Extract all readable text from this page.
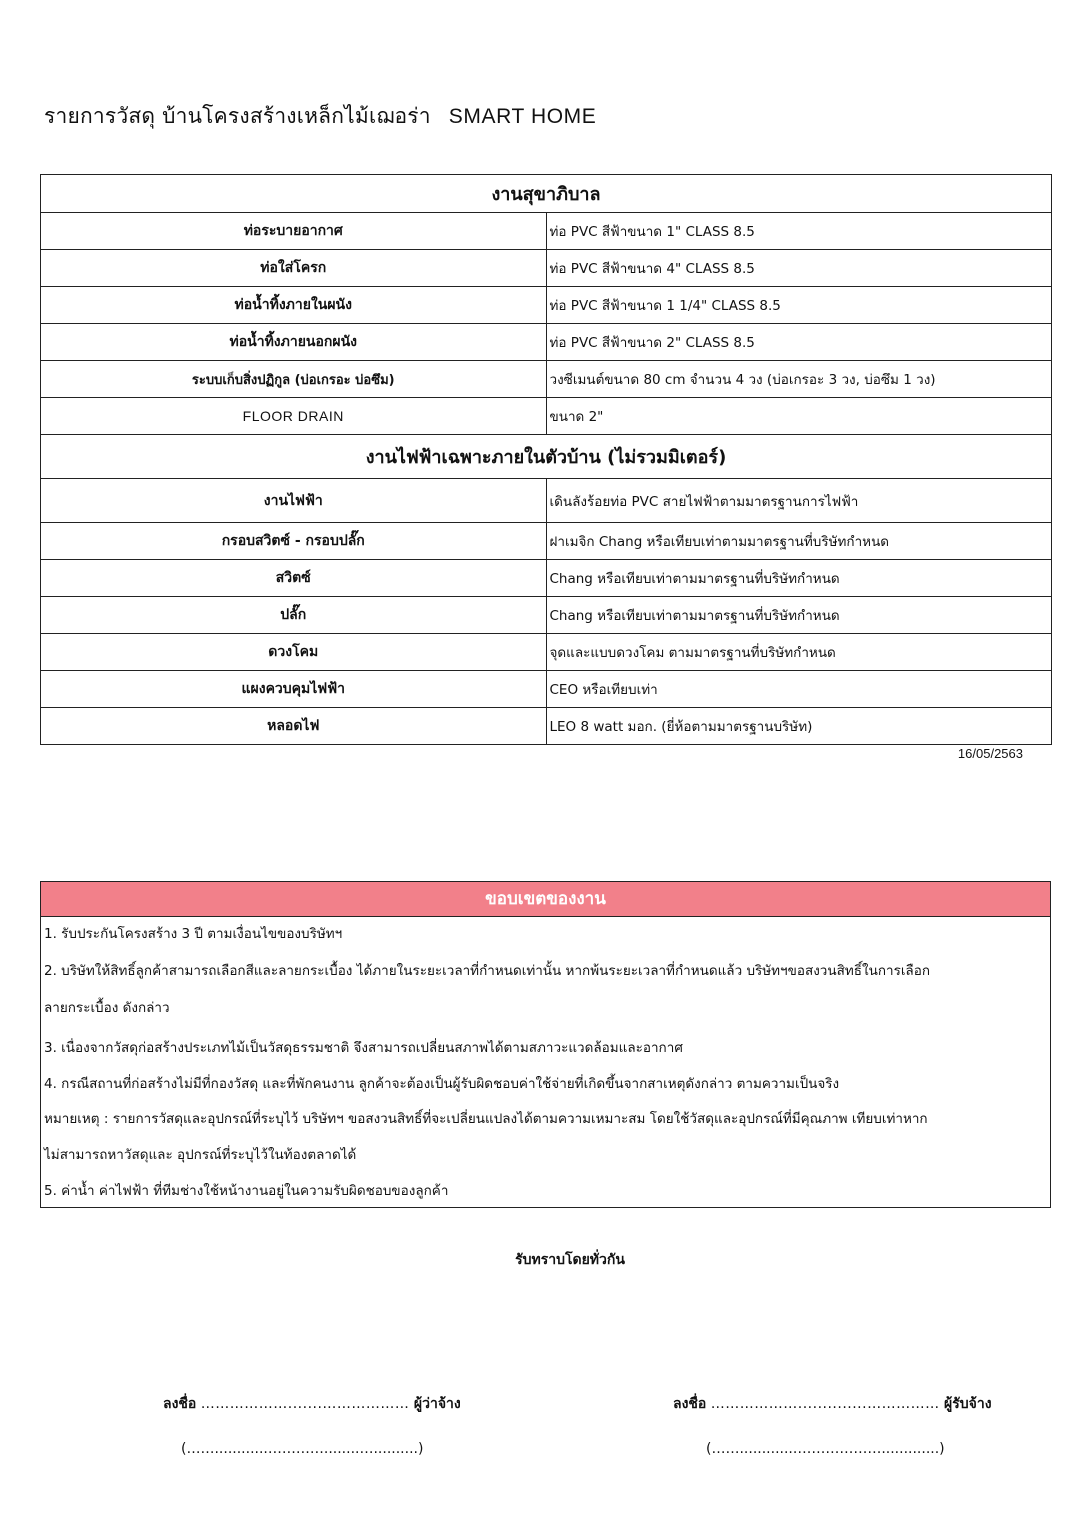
รายการวัสดุ บ้านโครงสร้างเหล็กไม้เฌอร่า SMART HOME
งานสุขาภิบาล	
ท่อระบายอากาศ	ท่อ PVC สีฟ้าขนาด 1" CLASS 8.5
ท่อใส่โครก	ท่อ PVC สีฟ้าขนาด 4" CLASS 8.5
ท่อน้ำทิ้งภายในผนัง	ท่อ PVC สีฟ้าขนาด 1 1/4" CLASS 8.5
ท่อน้ำทิ้งภายนอกผนัง	ท่อ PVC สีฟ้าขนาด 2" CLASS 8.5
ระบบเก็บสิ่งปฏิกูล (บ่อเกรอะ บ่อซึม)	วงซีเมนต์ขนาด 80 cm จำนวน 4 วง (บ่อเกรอะ 3 วง, บ่อซึม 1 วง)
FLOOR DRAIN	ขนาด 2"
งานไฟฟ้าเฉพาะภายในตัวบ้าน (ไม่รวมมิเตอร์)	
งานไฟฟ้า	เดินลังร้อยท่อ PVC สายไฟฟ้าตามมาตรฐานการไฟฟ้า
กรอบสวิตซ์ - กรอบปลั๊ก	ฝาเมจิก Chang หรือเทียบเท่าตามมาตรฐานที่บริษัทกำหนด
สวิตซ์	Chang หรือเทียบเท่าตามมาตรฐานที่บริษัทกำหนด
ปลั๊ก	Chang หรือเทียบเท่าตามมาตรฐานที่บริษัทกำหนด
ดวงโคม	จุดและแบบดวงโคม ตามมาตรฐานที่บริษัทกำหนด
แผงควบคุมไฟฟ้า	CEO หรือเทียบเท่า
หลอดไฟ	LEO 8 watt มอก. (ยี่ห้อตามมาตรฐานบริษัท)
16/05/2563
ขอบเขตของงาน
1. รับประกันโครงสร้าง 3 ปี ตามเงื่อนไขของบริษัทฯ
2. บริษัทให้สิทธิ์ลูกค้าสามารถเลือกสีและลายกระเบื้อง ได้ภายในระยะเวลาที่กำหนดเท่านั้น หากพ้นระยะเวลาที่กำหนดแล้ว บริษัทฯขอสงวนสิทธิ์ในการเลือก
ลายกระเบื้อง ดังกล่าว
3. เนื่องจากวัสดุก่อสร้างประเภทไม้เป็นวัสดุธรรมชาติ จึงสามารถเปลี่ยนสภาพได้ตามสภาวะแวดล้อมและอากาศ
4. กรณีสถานที่ก่อสร้างไม่มีที่กองวัสดุ และที่พักคนงาน ลูกค้าจะต้องเป็นผู้รับผิดชอบค่าใช้จ่ายที่เกิดขึ้นจากสาเหตุดังกล่าว ตามความเป็นจริง
หมายเหตุ : รายการวัสดุและอุปกรณ์ที่ระบุไว้ บริษัทฯ ขอสงวนสิทธิ์ที่จะเปลี่ยนแปลงได้ตามความเหมาะสม โดยใช้วัสดุและอุปกรณ์ที่มีคุณภาพ เทียบเท่าหาก
ไม่สามารถหาวัสดุและ อุปกรณ์ที่ระบุไว้ในท้องตลาดได้
5. ค่าน้ำ ค่าไฟฟ้า ที่ทีมช่างใช้หน้างานอยู่ในความรับผิดชอบของลูกค้า
รับทราบโดยทั่วกัน
ลงชื่อ ……………….......……………… ผู้ว่าจ้าง
(……............…………........…..........)
ลงชื่อ ………………..............…………… ผู้รับจ้าง
(…….............……………….............)
